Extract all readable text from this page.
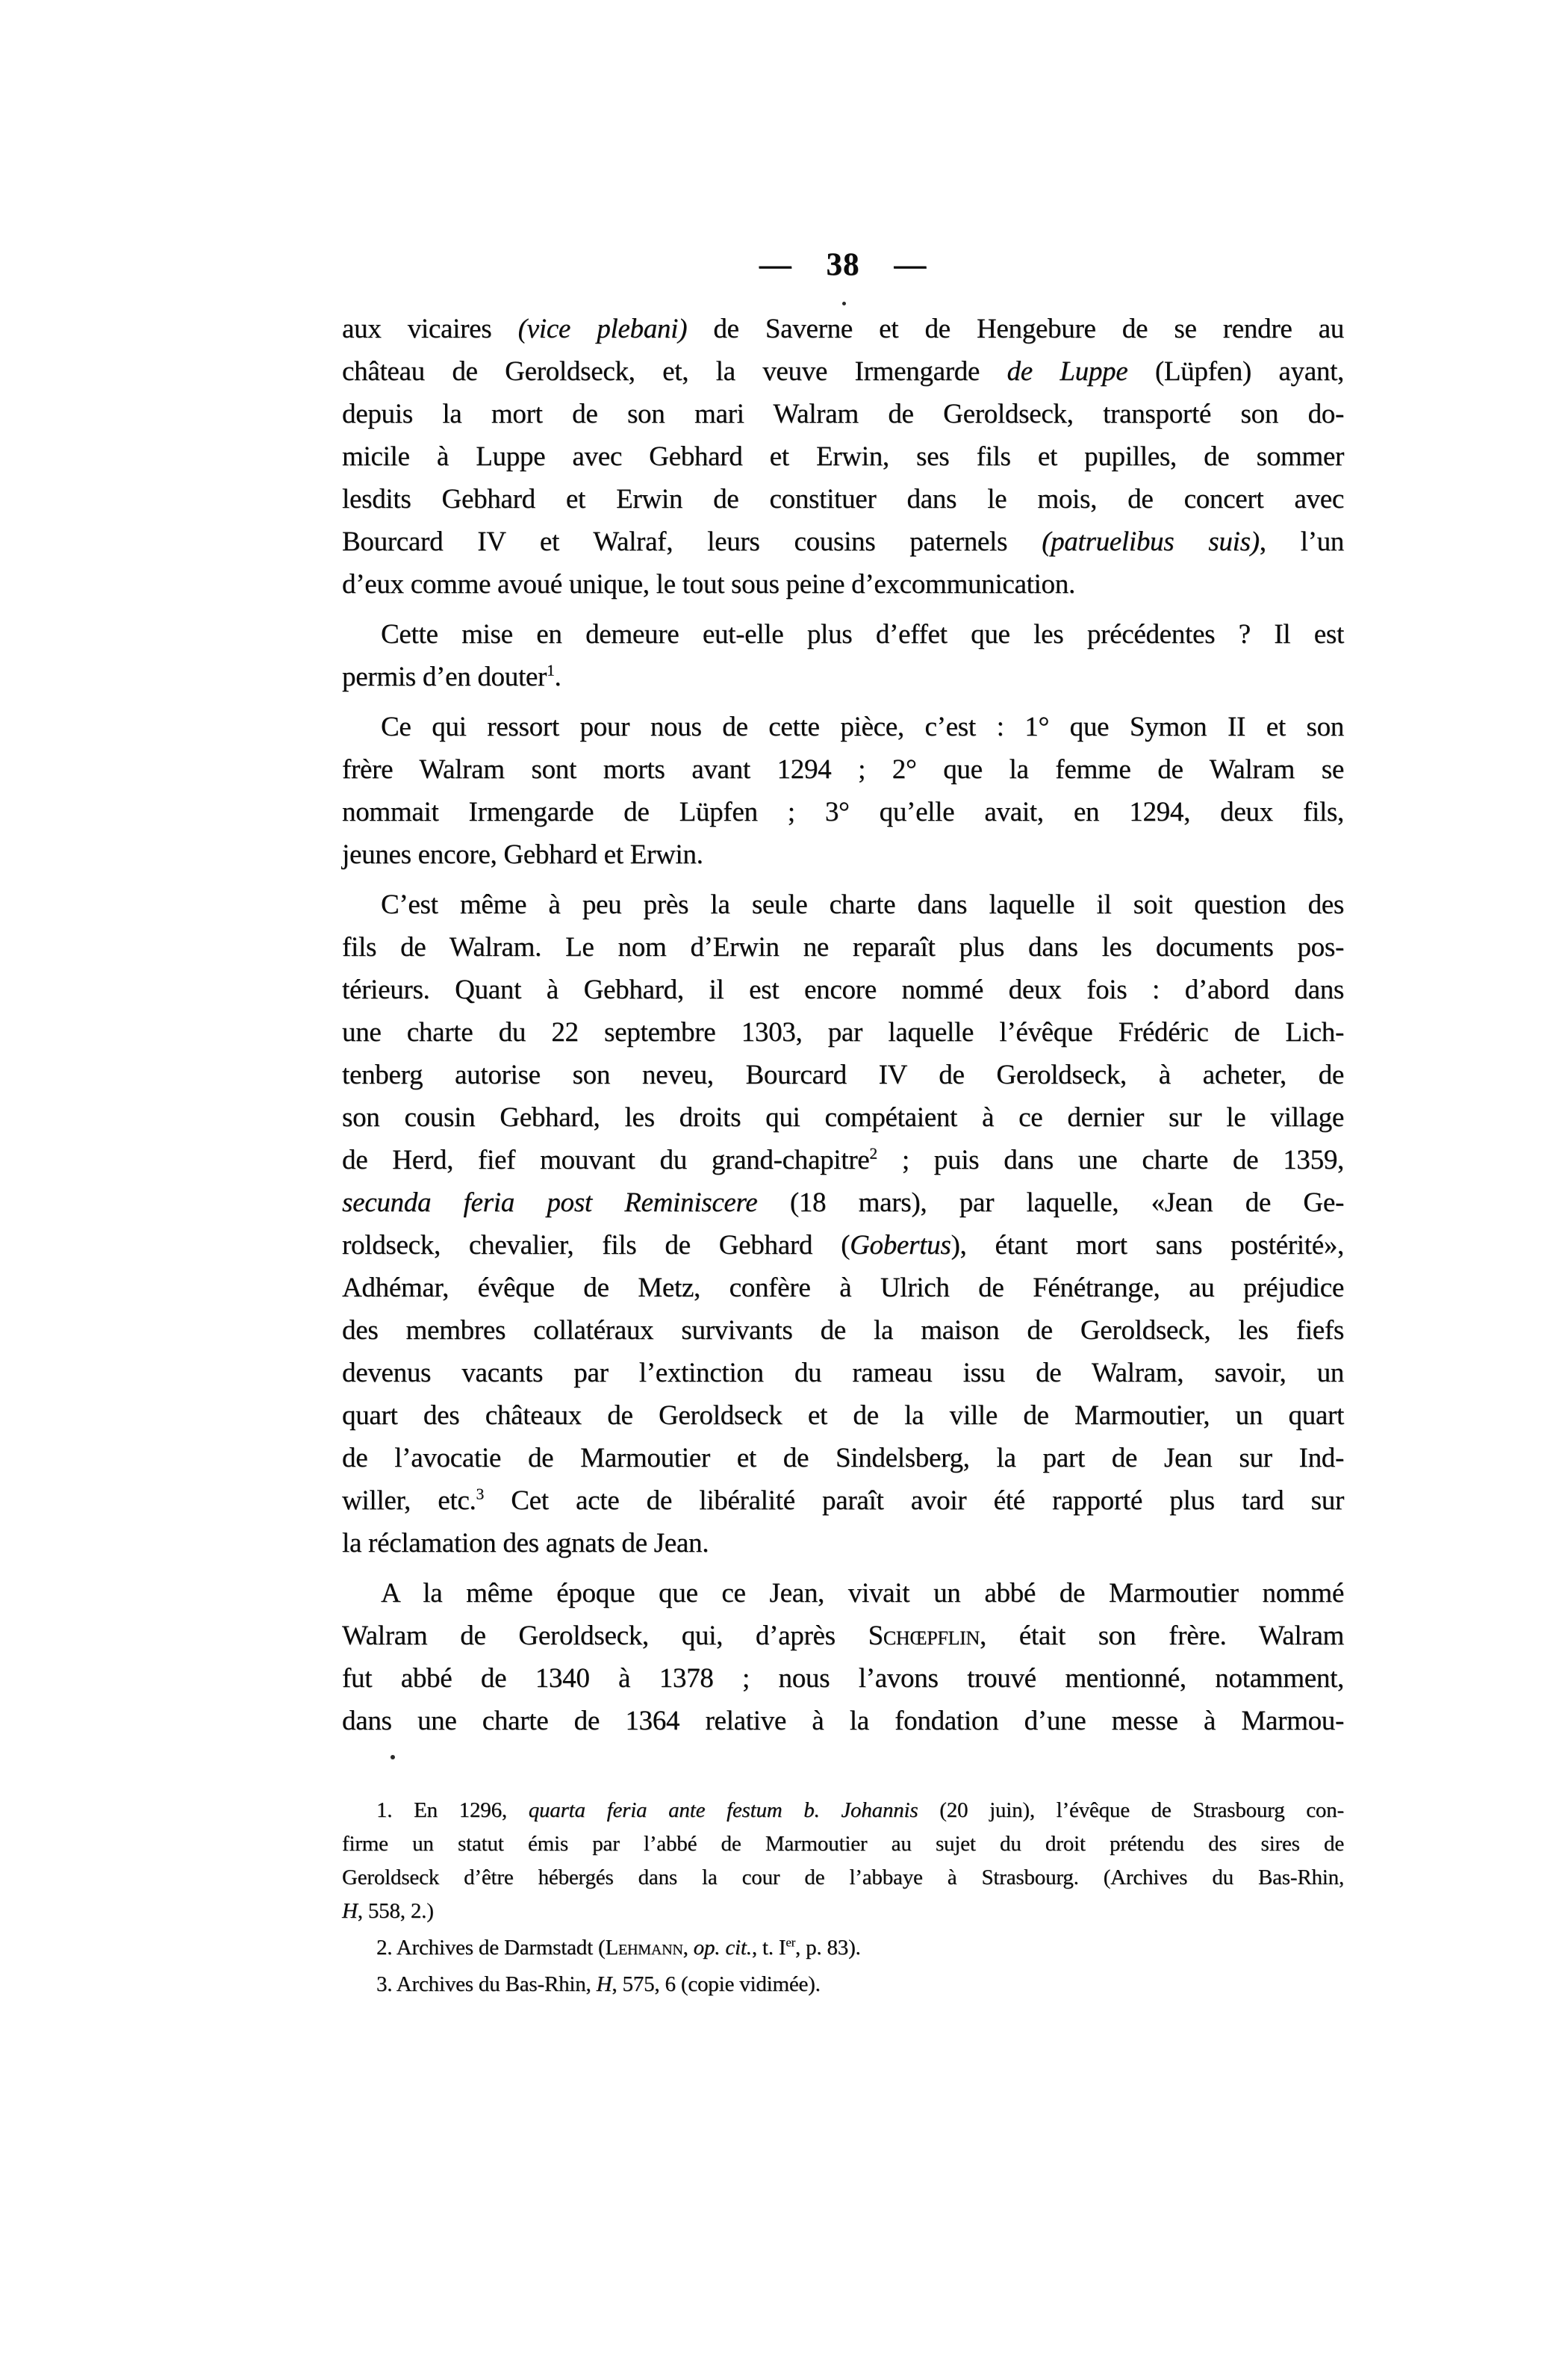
— 38 —
aux vicaires (vice plebani) de Saverne et de Hengebure de se rendre au
château de Geroldseck, et, la veuve Irmengarde de Luppe (Lüpfen) ayant,
depuis la mort de son mari Walram de Geroldseck, transporté son do-
micile à Luppe avec Gebhard et Erwin, ses fils et pupilles, de sommer
lesdits Gebhard et Erwin de constituer dans le mois, de concert avec
Bourcard IV et Walraf, leurs cousins paternels (patruelibus suis), l’un
d’eux comme avoué unique, le tout sous peine d’excommunication.
Cette mise en demeure eut-elle plus d’effet que les précédentes ? Il est
permis d’en douter$^1$.
Ce qui ressort pour nous de cette pièce, c’est : 1° que Symon II et son
frère Walram sont morts avant 1294 ; 2° que la femme de Walram se
nommait Irmengarde de Lüpfen ; 3° qu’elle avait, en 1294, deux fils,
jeunes encore, Gebhard et Erwin.
C’est même à peu près la seule charte dans laquelle il soit question des
fils de Walram. Le nom d’Erwin ne reparaît plus dans les documents pos-
térieurs. Quant à Gebhard, il est encore nommé deux fois : d’abord dans
une charte du 22 septembre 1303, par laquelle l’évêque Frédéric de Lich-
tenberg autorise son neveu, Bourcard IV de Geroldseck, à acheter, de
son cousin Gebhard, les droits qui compétaient à ce dernier sur le village
de Herd, fief mouvant du grand-chapitre$^2$ ; puis dans une charte de 1359,
secunda feria post Reminiscere (18 mars), par laquelle, «Jean de Ge-
roldseck, chevalier, fils de Gebhard (Gobertus), étant mort sans postérité»,
Adhémar, évêque de Metz, confère à Ulrich de Fénétrange, au préjudice
des membres collatéraux survivants de la maison de Geroldseck, les fiefs
devenus vacants par l’extinction du rameau issu de Walram, savoir, un
quart des châteaux de Geroldseck et de la ville de Marmoutier, un quart
de l’avocatie de Marmoutier et de Sindelsberg, la part de Jean sur Ind-
willer, etc.$^3$ Cet acte de libéralité paraît avoir été rapporté plus tard sur
la réclamation des agnats de Jean.
A la même époque que ce Jean, vivait un abbé de Marmoutier nommé
Walram de Geroldseck, qui, d’après Schœpflin, était son frère. Walram
fut abbé de 1340 à 1378 ; nous l’avons trouvé mentionné, notamment,
dans une charte de 1364 relative à la fondation d’une messe à Marmou-
1. En 1296, quarta feria ante festum b. Johannis (20 juin), l’évêque de Strasbourg con-
firme un statut émis par l’abbé de Marmoutier au sujet du droit prétendu des sires de
Geroldseck d’être hébergés dans la cour de l’abbaye à Strasbourg. (Archives du Bas-Rhin,
H, 558, 2.)
2. Archives de Darmstadt (Lehmann, op. cit., t. Ier, p. 83).
3. Archives du Bas-Rhin, H, 575, 6 (copie vidimée).
